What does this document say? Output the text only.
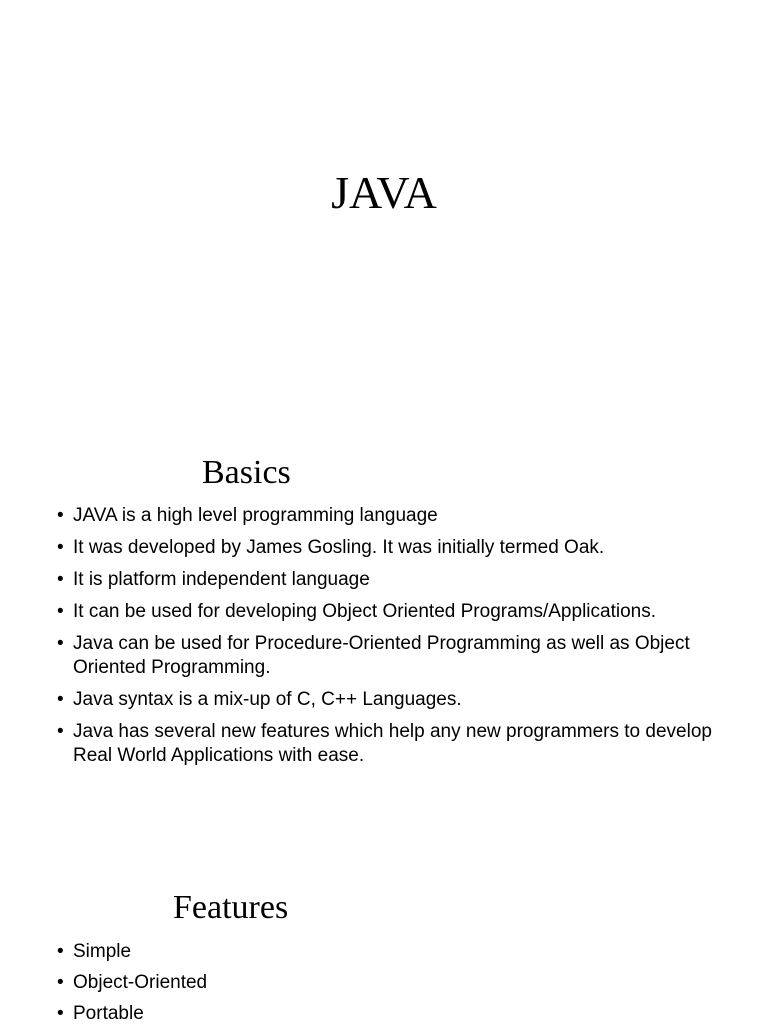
JAVA
Basics
• JAVA is a high level programming language
• It was developed by James Gosling. It was initially termed Oak.
• It is platform independent language
• It can be used for developing Object Oriented Programs/Applications.
• Java can be used for Procedure-Oriented Programming as well as Object Oriented Programming.
• Java syntax is a mix-up of C, C++ Languages.
• Java has several new features which help any new programmers to develop Real World Applications with ease.
Features
• Simple
• Object-Oriented
• Portable
